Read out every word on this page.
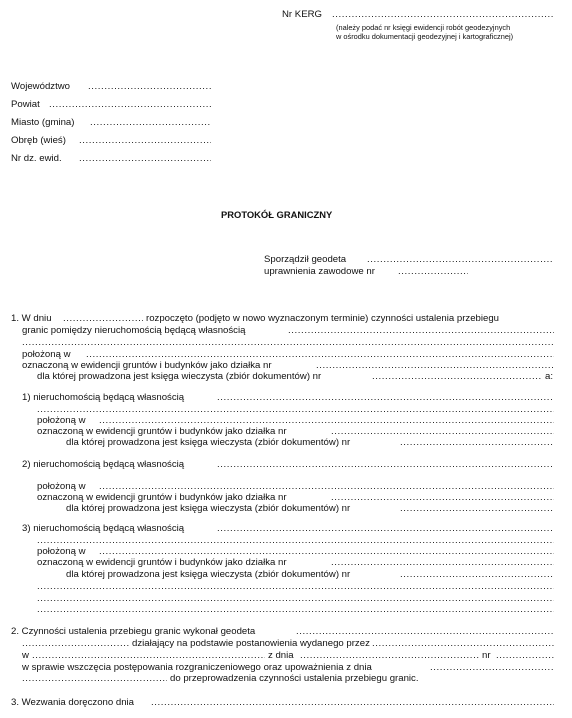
Nr KERG
.....
(należy podać nr księgi ewidencji robót geodezyjnych
w ośrodku dokumentacji geodezyjnej i kartograficznej)
Województwo
.....
Powiat
.....
Miasto (gmina)
.....
Obręb (wieś)
.....
Nr dz. ewid.
.....
PROTOKÓŁ GRANICZNY
Sporządził geodeta
.....
uprawnienia zawodowe nr
.....
1. W dniu .....	rozpoczęto (podjęto w nowo wyznaczonym terminie) czynności ustalenia przebiegu
granic pomiędzy nieruchomością będącą własnością
.....
.....
położoną w
.....
oznaczoną w ewidencji gruntów i budynków jako działka nr
.....
dla której prowadzona jest księga wieczysta (zbiór dokumentów) nr .....	a:
1) nieruchomością będącą własnością
.....
.....
położoną w
.....
oznaczoną w ewidencji gruntów i budynków jako działka nr
.....
dla której prowadzona jest księga wieczysta (zbiór dokumentów) nr
.....
2) nieruchomością będącą własnością
.....
położoną w
.....
oznaczoną w ewidencji gruntów i budynków jako działka nr
.....
dla której prowadzona jest księga wieczysta (zbiór dokumentów) nr
.....
3) nieruchomością będącą własnością
.....
.....
położoną w
.....
oznaczoną w ewidencji gruntów i budynków jako działka nr
.....
dla której prowadzona jest księga wieczysta (zbiór dokumentów) nr
.....
.....
.....
.....
2. Czynności ustalenia przebiegu granic wykonał geodeta
.....
.....
działający na podstawie postanowienia wydanego przez
.....
w .....	z dnia .....	nr
.....
w sprawie wszczęcia postępowania rozgraniczeniowego oraz upoważnienia z dnia
.....
.....
do przeprowadzenia czynności ustalenia przebiegu granic.
3. Wezwania doręczono dnia
.....
